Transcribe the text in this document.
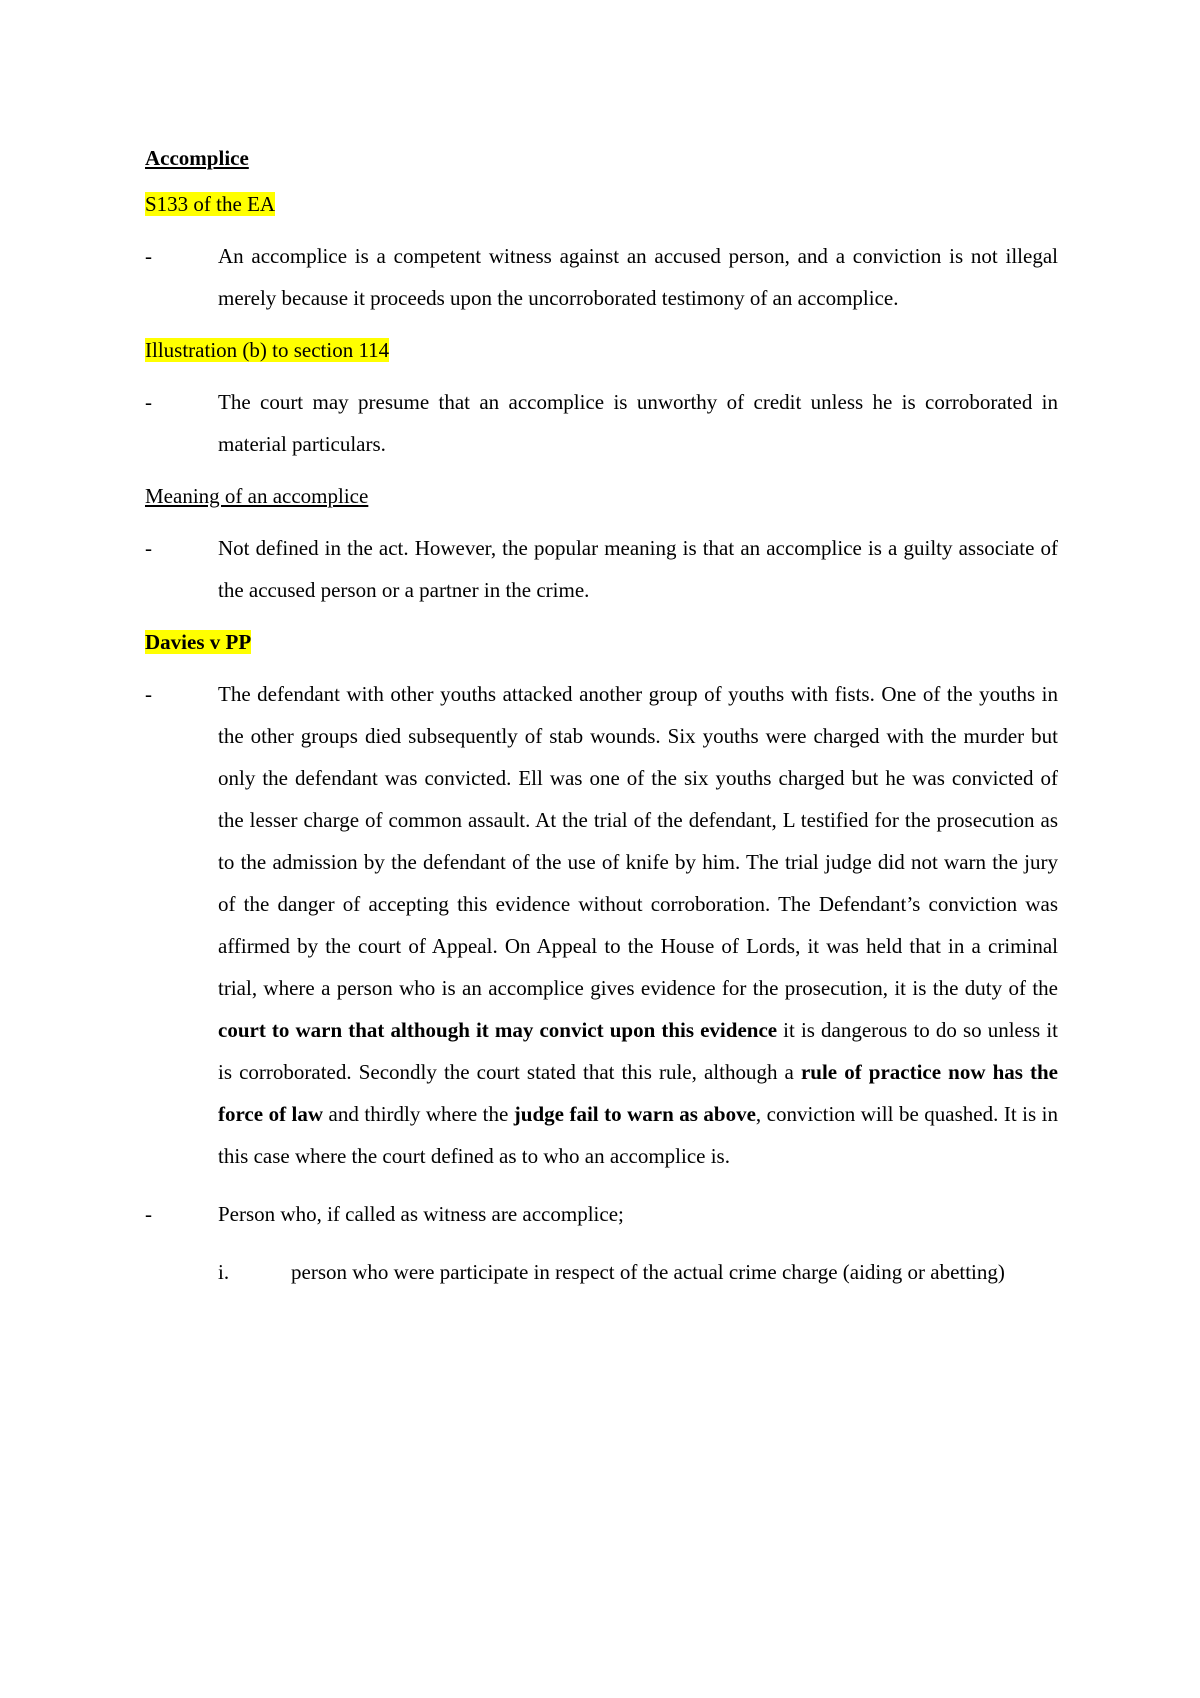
Accomplice

S133 of the EA

-	An accomplice is a competent witness against an accused person, and a conviction is not illegal merely because it proceeds upon the uncorroborated testimony of an accomplice.

Illustration (b) to section 114

-	The court may presume that an accomplice is unworthy of credit unless he is corroborated in material particulars.

Meaning of an accomplice

-	Not defined in the act. However, the popular meaning is that an accomplice is a guilty associate of the accused person or a partner in the crime.

Davies v PP

-	The defendant with other youths attacked another group of youths with fists. One of the youths in the other groups died subsequently of stab wounds. Six youths were charged with the murder but only the defendant was convicted. Ell was one of the six youths charged but he was convicted of the lesser charge of common assault. At the trial of the defendant, L testified for the prosecution as to the admission by the defendant of the use of knife by him. The trial judge did not warn the jury of the danger of accepting this evidence without corroboration. The Defendant’s conviction was affirmed by the court of Appeal. On Appeal to the House of Lords, it was held that in a criminal trial, where a person who is an accomplice gives evidence for the prosecution, it is the duty of the court to warn that although it may convict upon this evidence it is dangerous to do so unless it is corroborated. Secondly the court stated that this rule, although a rule of practice now has the force of law and thirdly where the judge fail to warn as above, conviction will be quashed. It is in this case where the court defined as to who an accomplice is.

-	Person who, if called as witness are accomplice;

i.	person who were participate in respect of the actual crime charge (aiding or abetting)
